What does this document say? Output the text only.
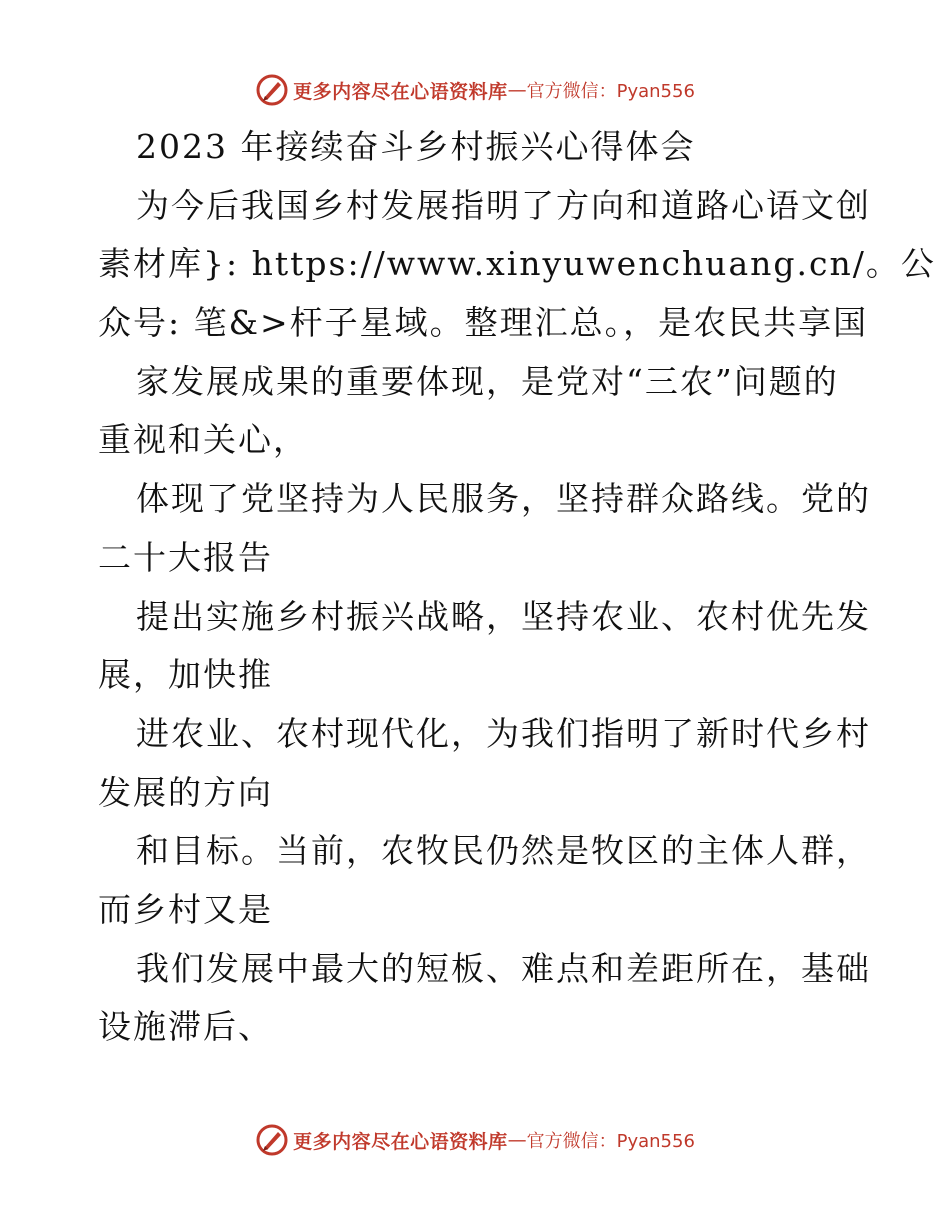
更多内容尽在心语资料库 — 官方微信：Pyan556
2023 年接续奋斗乡村振兴心得体会
为今后我国乡村发展指明了方向和道路心语文创
素材库}: https://www.xinyuwenchuang.cn/。公
众号: 笔&>杆子星域。整理汇总。，是农民共享国
家发展成果的重要体现，是党对“三农”问题的
重视和关心，
体现了党坚持为人民服务，坚持群众路线。党的
二十大报告
提出实施乡村振兴战略，坚持农业、农村优先发
展，加快推
进农业、农村现代化，为我们指明了新时代乡村
发展的方向
和目标。当前，农牧民仍然是牧区的主体人群，
而乡村又是
我们发展中最大的短板、难点和差距所在，基础
设施滞后、
更多内容尽在心语资料库 — 官方微信：Pyan556
